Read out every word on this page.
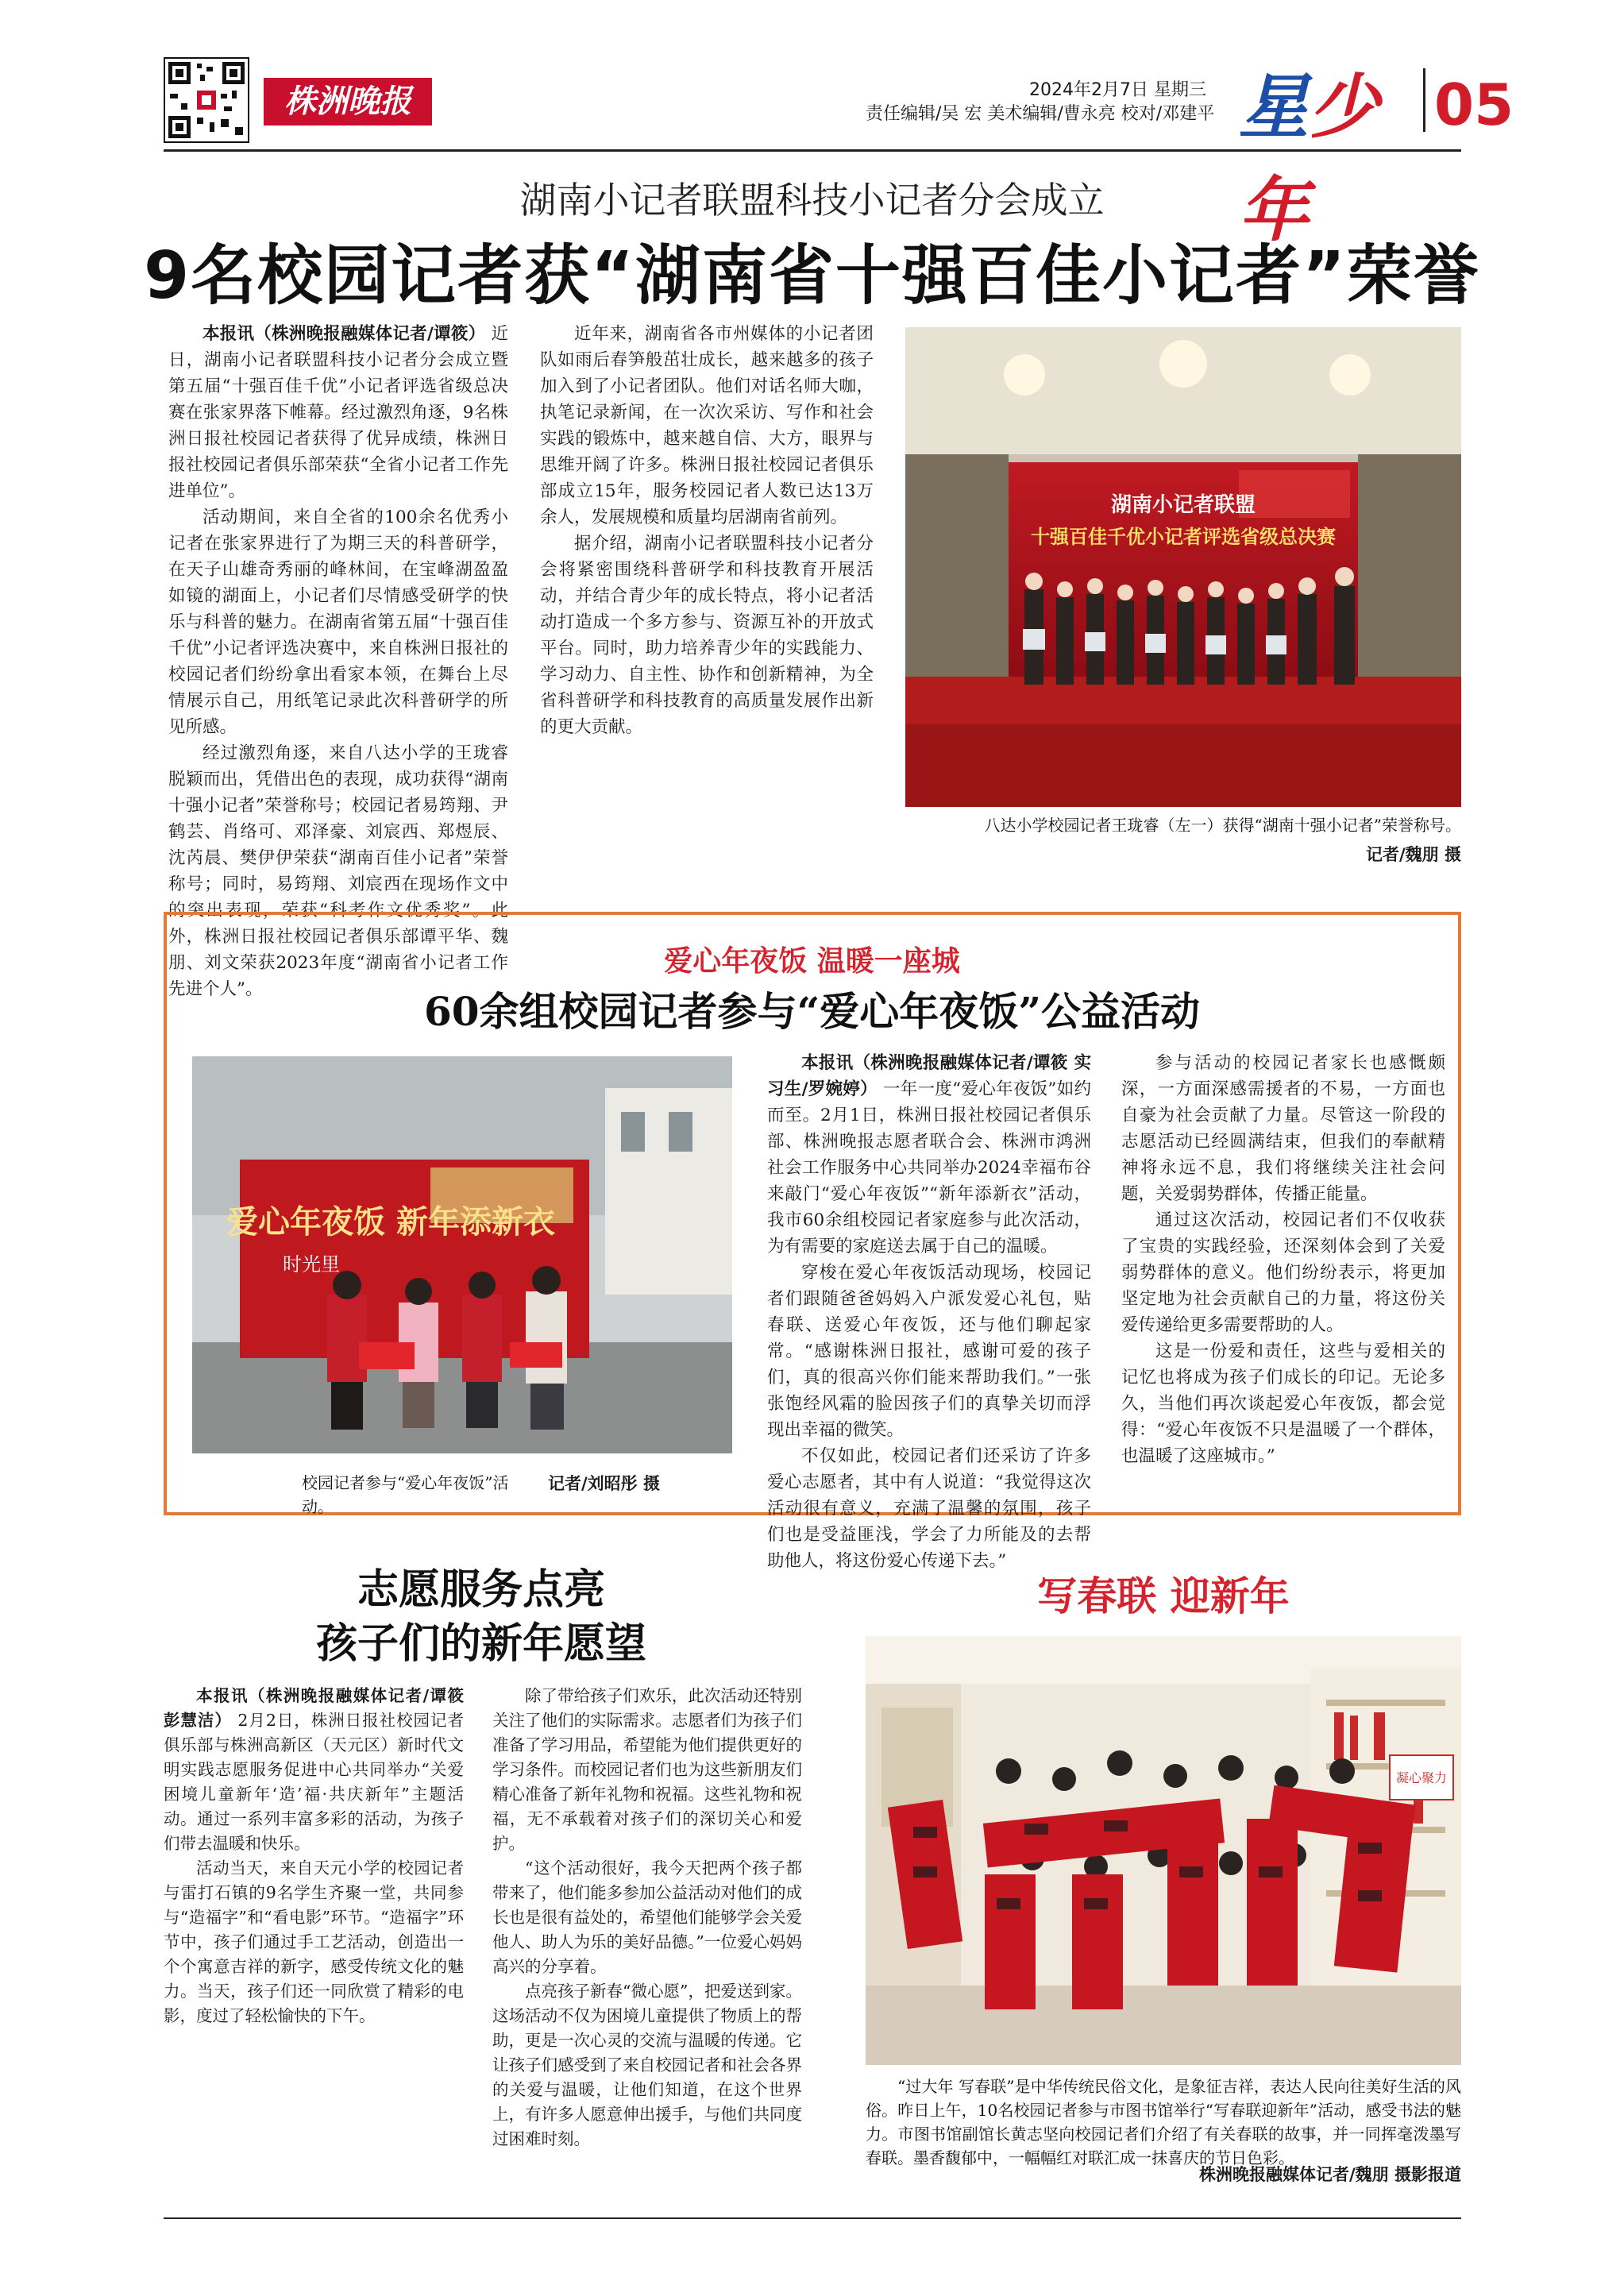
株洲晚报	2024年2月7日 星期三
责任编辑/吴 宏 美术编辑/曹永亮 校对/邓建平 星少年
05
湖南小记者联盟科技小记者分会成立
9名校园记者获“湖南省十强百佳小记者”荣誉

本报讯（株洲晚报融媒体记者/谭筱） 近日，湖南小记者联盟科技小记者分会成立暨第五届“十强百佳千优”小记者评选省级总决赛在张家界落下帷幕。经过激烈角逐，9名株洲日报社校园记者获得了优异成绩，株洲日报社校园记者俱乐部荣获“全省小记者工作先进单位”。

活动期间，来自全省的100余名优秀小记者在张家界进行了为期三天的科普研学，在天子山雄奇秀丽的峰林间，在宝峰湖盈盈如镜的湖面上，小记者们尽情感受研学的快乐与科普的魅力。在湖南省第五届“十强百佳千优”小记者评选决赛中，来自株洲日报社的校园记者们纷纷拿出看家本领，在舞台上尽情展示自己，用纸笔记录此次科普研学的所见所感。

经过激烈角逐，来自八达小学的王珑睿脱颖而出，凭借出色的表现，成功获得“湖南十强小记者”荣誉称号；校园记者易筠翔、尹鹤芸、肖络可、邓泽豪、刘宸西、郑煜辰、沈芮晨、樊伊伊荣获“湖南百佳小记者”荣誉称号；同时，易筠翔、刘宸西在现场作文中的突出表现，荣获“科考作文优秀奖”。此外，株洲日报社校园记者俱乐部谭平华、魏朋、刘文荣获2023年度“湖南省小记者工作先进个人”。

近年来，湖南省各市州媒体的小记者团队如雨后春笋般茁壮成长，越来越多的孩子加入到了小记者团队。他们对话名师大咖，执笔记录新闻，在一次次采访、写作和社会实践的锻炼中，越来越自信、大方，眼界与思维开阔了许多。株洲日报社校园记者俱乐部成立15年，服务校园记者人数已达13万余人，发展规模和质量均居湖南省前列。

据介绍，湖南小记者联盟科技小记者分会将紧密围绕科普研学和科技教育开展活动，并结合青少年的成长特点，将小记者活动打造成一个多方参与、资源互补的开放式平台。同时，助力培养青少年的实践能力、学习动力、自主性、协作和创新精神，为全省科普研学和科技教育的高质量发展作出新的更大贡献。

湖南小记者联盟
十强百佳千优小记者评选省级总决赛
八达小学校园记者王珑睿（左一）获得“湖南十强小记者”荣誉称号。
记者/魏朋 摄
爱心年夜饭 温暖一座城
60余组校园记者参与“爱心年夜饭”公益活动
爱心年夜饭 新年添新衣
时光里
校园记者参与“爱心年夜饭”活动。
记者/刘昭彤 摄

本报讯（株洲晚报融媒体记者/谭筱 实习生/罗婉婷） 一年一度“爱心年夜饭”如约而至。2月1日，株洲日报社校园记者俱乐部、株洲晚报志愿者联合会、株洲市鸿洲社会工作服务中心共同举办2024幸福布谷来敲门“爱心年夜饭”“新年添新衣”活动，我市60余组校园记者家庭参与此次活动，为有需要的家庭送去属于自己的温暖。

穿梭在爱心年夜饭活动现场，校园记者们跟随爸爸妈妈入户派发爱心礼包，贴春联、送爱心年夜饭，还与他们聊起家常。“感谢株洲日报社，感谢可爱的孩子们，真的很高兴你们能来帮助我们。”一张张饱经风霜的脸因孩子们的真挚关切而浮现出幸福的微笑。

不仅如此，校园记者们还采访了许多爱心志愿者，其中有人说道：“我觉得这次活动很有意义，充满了温馨的氛围，孩子们也是受益匪浅，学会了力所能及的去帮助他人，将这份爱心传递下去。”

参与活动的校园记者家长也感慨颇深，一方面深感需援者的不易，一方面也自豪为社会贡献了力量。尽管这一阶段的志愿活动已经圆满结束，但我们的奉献精神将永远不息，我们将继续关注社会问题，关爱弱势群体，传播正能量。

通过这次活动，校园记者们不仅收获了宝贵的实践经验，还深刻体会到了关爱弱势群体的意义。他们纷纷表示，将更加坚定地为社会贡献自己的力量，将这份关爱传递给更多需要帮助的人。

这是一份爱和责任，这些与爱相关的记忆也将成为孩子们成长的印记。无论多久，当他们再次谈起爱心年夜饭，都会觉得：“爱心年夜饭不只是温暖了一个群体，也温暖了这座城市。”

志愿服务点亮
孩子们的新年愿望

本报讯（株洲晚报融媒体记者/谭筱 彭慧洁） 2月2日，株洲日报社校园记者俱乐部与株洲高新区（天元区）新时代文明实践志愿服务促进中心共同举办“关爱困境儿童新年‘造’福·共庆新年”主题活动。通过一系列丰富多彩的活动，为孩子们带去温暖和快乐。

活动当天，来自天元小学的校园记者与雷打石镇的9名学生齐聚一堂，共同参与“造福字”和“看电影”环节。“造福字”环节中，孩子们通过手工艺活动，创造出一个个寓意吉祥的新字，感受传统文化的魅力。当天，孩子们还一同欣赏了精彩的电影，度过了轻松愉快的下午。

除了带给孩子们欢乐，此次活动还特别关注了他们的实际需求。志愿者们为孩子们准备了学习用品，希望能为他们提供更好的学习条件。而校园记者们也为这些新朋友们精心准备了新年礼物和祝福。这些礼物和祝福，无不承载着对孩子们的深切关心和爱护。

“这个活动很好，我今天把两个孩子都带来了，他们能多参加公益活动对他们的成长也是很有益处的，希望他们能够学会关爱他人、助人为乐的美好品德。”一位爱心妈妈高兴的分享着。

点亮孩子新春“微心愿”，把爱送到家。这场活动不仅为困境儿童提供了物质上的帮助，更是一次心灵的交流与温暖的传递。它让孩子们感受到了来自校园记者和社会各界的关爱与温暖，让他们知道，在这个世界上，有许多人愿意伸出援手，与他们共同度过困难时刻。

写春联 迎新年
凝心聚力
“过大年 写春联”是中华传统民俗文化，是象征吉祥，表达人民向往美好生活的风俗。昨日上午，10名校园记者参与市图书馆举行“写春联迎新年”活动，感受书法的魅力。市图书馆副馆长黄志坚向校园记者们介绍了有关春联的故事，并一同挥毫泼墨写春联。墨香馥郁中，一幅幅红对联汇成一抹喜庆的节日色彩。
株洲晚报融媒体记者/魏朋 摄影报道
